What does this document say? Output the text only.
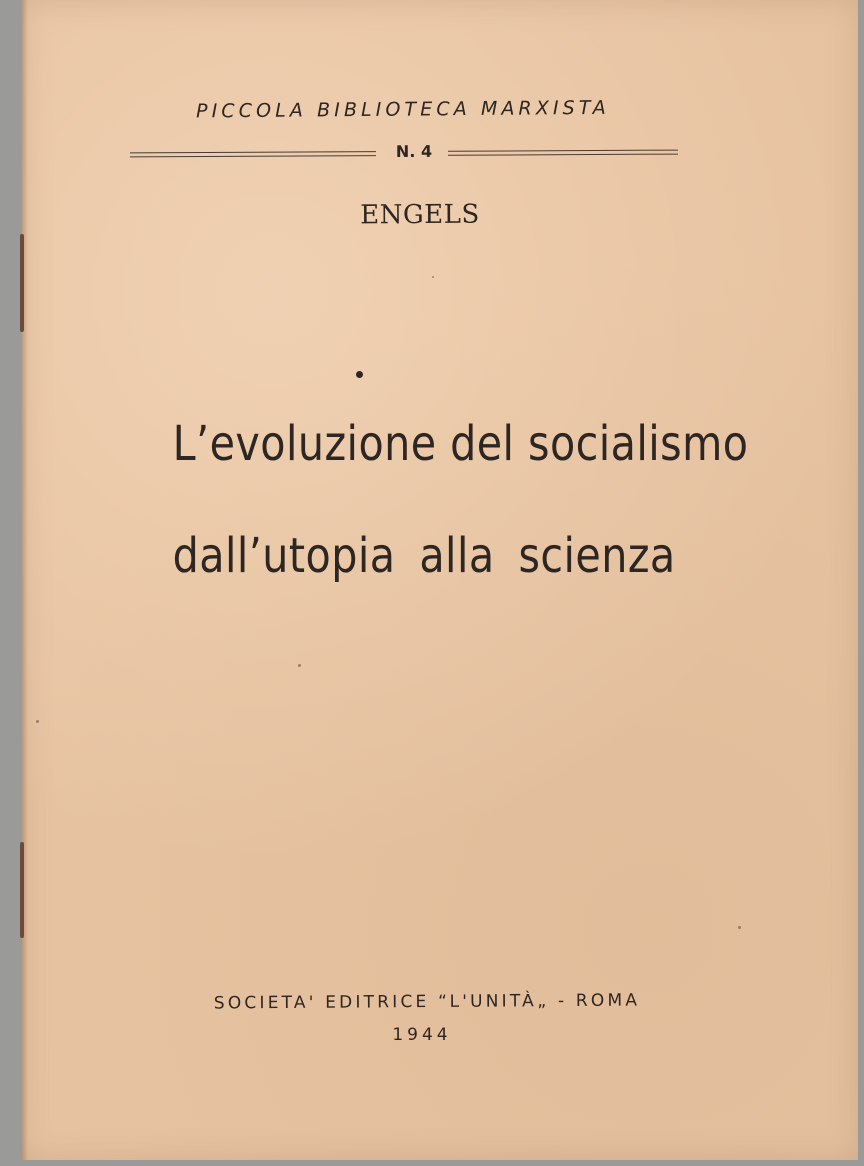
PICCOLA BIBLIOTECA MARXISTA
N. 4
ENGELS
L’evoluzione del socialismo
dall’utopia alla scienza
SOCIETA' EDITRICE “L'UNITÀ„ - ROMA
1944
